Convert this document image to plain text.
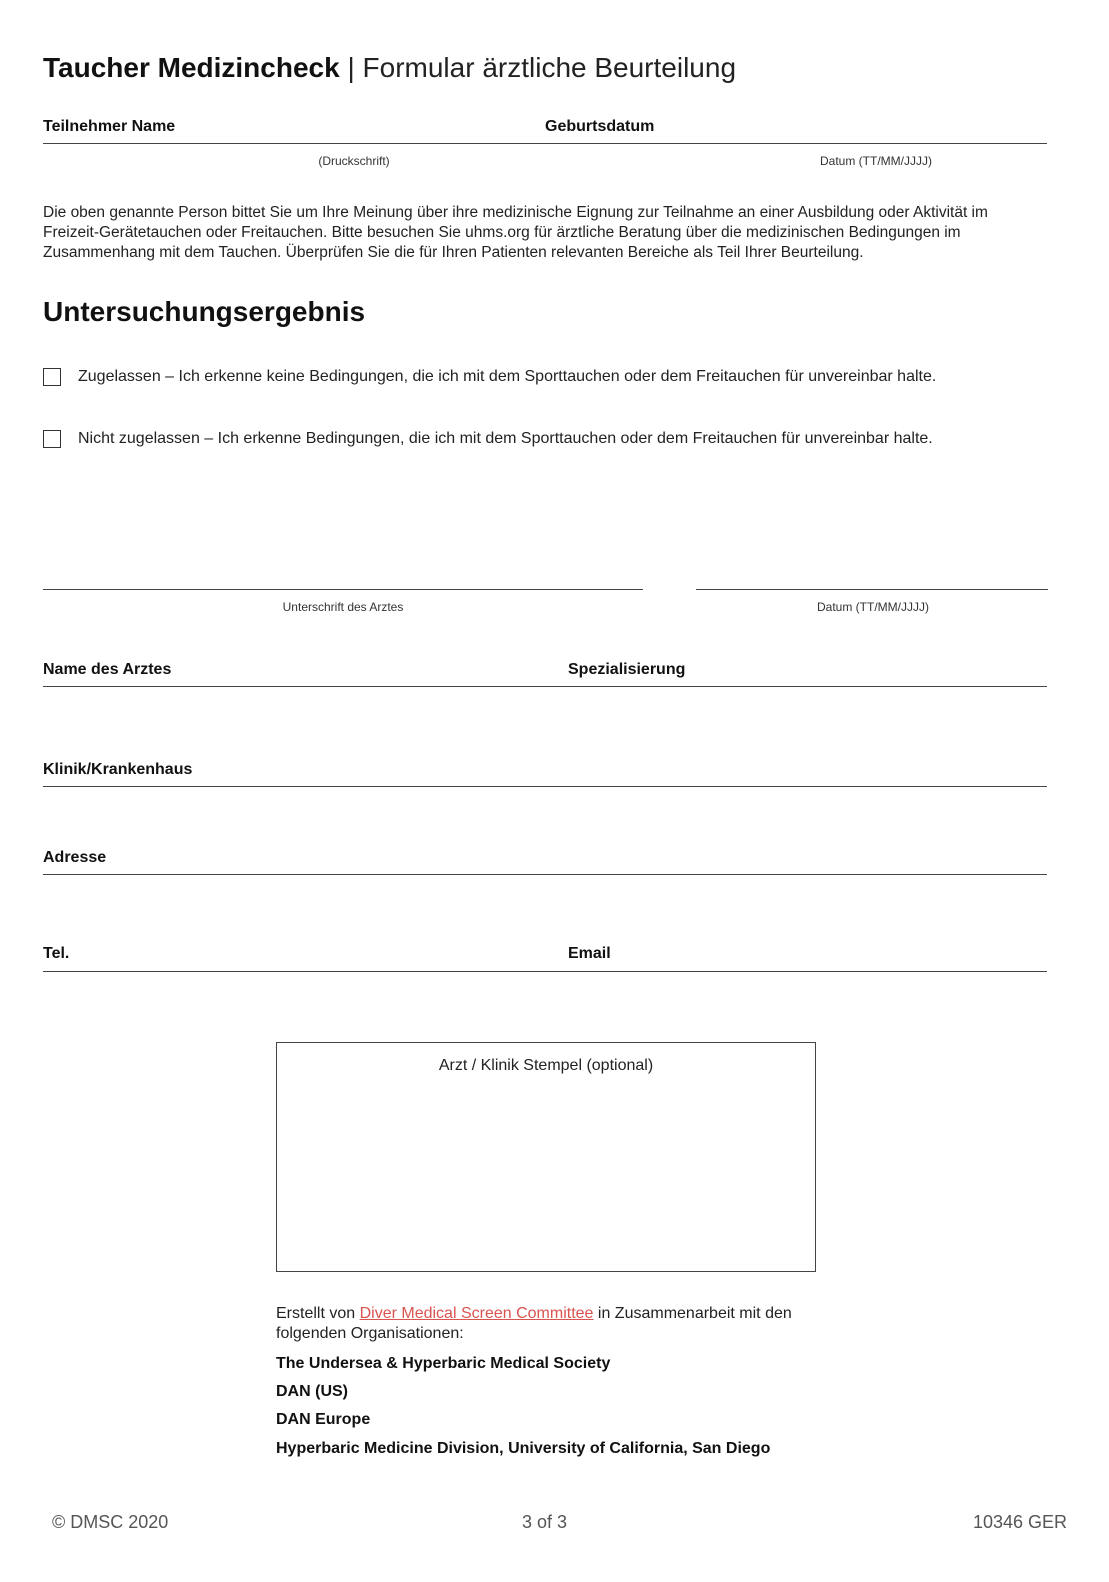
Taucher Medizincheck | Formular ärztliche Beurteilung
Teilnehmer Name	Geburtsdatum
(Druckschrift)	Datum (TT/MM/JJJJ)
Die oben genannte Person bittet Sie um Ihre Meinung über ihre medizinische Eignung zur Teilnahme an einer Ausbildung oder Aktivität im Freizeit-Gerätetauchen oder Freitauchen. Bitte besuchen Sie uhms.org für ärztliche Beratung über die medizinischen Bedingungen im Zusammenhang mit dem Tauchen. Überprüfen Sie die für Ihren Patienten relevanten Bereiche als Teil Ihrer Beurteilung.
Untersuchungsergebnis
Zugelassen – Ich erkenne keine Bedingungen, die ich mit dem Sporttauchen oder dem Freitauchen für unvereinbar halte.
Nicht zugelassen – Ich erkenne Bedingungen, die ich mit dem Sporttauchen oder dem Freitauchen für unvereinbar halte.
Unterschrift des Arztes	Datum (TT/MM/JJJJ)
Name des Arztes	Spezialisierung
Klinik/Krankenhaus
Adresse
Tel.	Email
Arzt / Klinik Stempel (optional)
Erstellt von Diver Medical Screen Committee in Zusammenarbeit mit den folgenden Organisationen:
The Undersea & Hyperbaric Medical Society
DAN (US)
DAN Europe
Hyperbaric Medicine Division, University of California, San Diego
© DMSC 2020	3 of 3	10346 GER
